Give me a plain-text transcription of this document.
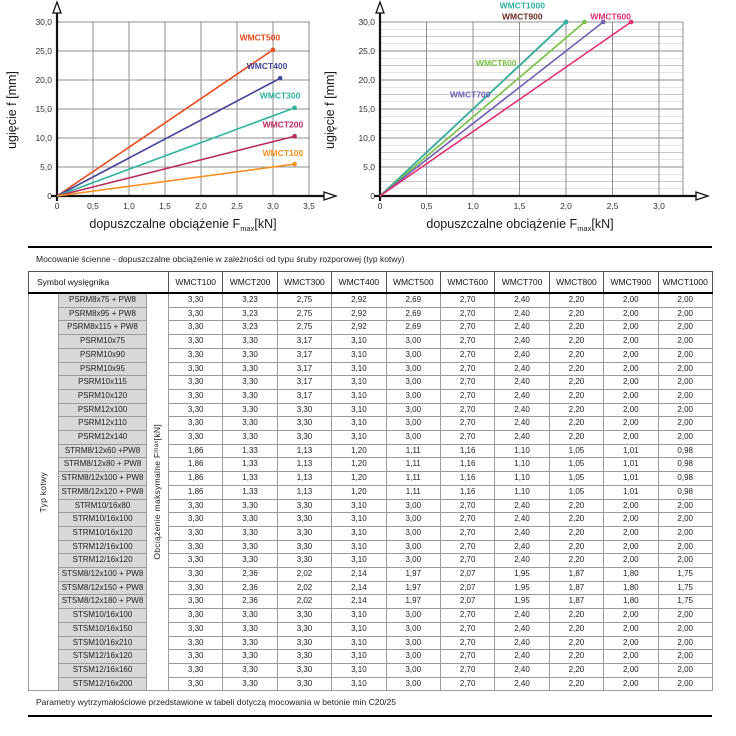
0	0,5	1,0	1,5	2,0	2,5	3,0	3,5
0
5,0
10,0
15,0
20,0
25,0
30,0
ugięcie f [mm]
dopuszczalne obciążenie $F_{max}[kN]$
WMCT500
WMCT400
WMCT300
WMCT200
WMCT100
0	0,5	1,0	1,5	2,0	2,5	3,0
0
5,0
10,0
15,0
20,0
25,0
30,0
ugięcie f [mm]
dopuszczalne obciążenie $F_{max}[kN]$
WMCT900
WMCT1000
WMCT800
WMCT700
WMCT600
Mocowanie ścienne - dopuszczalne obciążenie w zależności od typu śruby rozporowej (typ kotwy)
Symbol wysięgnika			WMCT100	WMCT200	WMCT300	WMCT400	WMCT500	WMCT600	WMCT700	WMCT800	WMCT900	WMCT1000

Typ kotwy	PSRM8x75 + PW8	Obciążenie maksymalne Fmax[kN]	3,30	3,23	2,75	2,92	2,69	2,70	2,40	2,20	2,00	2,00
	PSRM8x95 + PW8		3,30	3,23	2,75	2,92	2,69	2,70	2,40	2,20	2,00	2,00
	PSRM8x115 + PW8		3,30	3,23	2,75	2,92	2,69	2,70	2,40	2,20	2,00	2,00
	PSRM10x75		3,30	3,30	3,17	3,10	3,00	2,70	2,40	2,20	2,00	2,00
	PSRM10x90		3,30	3,30	3,17	3,10	3,00	2,70	2,40	2,20	2,00	2,00
	PSRM10x95		3,30	3,30	3,17	3,10	3,00	2,70	2,40	2,20	2,00	2,00
	PSRM10x115		3,30	3,30	3,17	3,10	3,00	2,70	2,40	2,20	2,00	2,00
	PSRM10x120		3,30	3,30	3,17	3,10	3,00	2,70	2,40	2,20	2,00	2,00
	PSRM12x100		3,30	3,30	3,30	3,10	3,00	2,70	2,40	2,20	2,00	2,00
	PSRM12x110		3,30	3,30	3,30	3,10	3,00	2,70	2,40	2,20	2,00	2,00
	PSRM12x140		3,30	3,30	3,30	3,10	3,00	2,70	2,40	2,20	2,00	2,00
	STRM8/12x60 +PW8		1,86	1,33	1,13	1,20	1,11	1,16	1,10	1,05	1,01	0,98
	STRM8/12x80 + PW8		1,86	1,33	1,13	1,20	1,11	1,16	1,10	1,05	1,01	0,98
	STRM8/12x100 + PW8		1,86	1,33	1,13	1,20	1,11	1,16	1,10	1,05	1,01	0,98
	STRM8/12x120 + PW8		1,86	1,33	1,13	1,20	1,11	1,16	1,10	1,05	1,01	0,98
	STRM10/16x80		3,30	3,30	3,30	3,10	3,00	2,70	2,40	2,20	2,00	2,00
	STRM10/16x100		3,30	3,30	3,30	3,10	3,00	2,70	2,40	2,20	2,00	2,00
	STRM10/16x120		3,30	3,30	3,30	3,10	3,00	2,70	2,40	2,20	2,00	2,00
	STRM12/16x100		3,30	3,30	3,30	3,10	3,00	2,70	2,40	2,20	2,00	2,00
	STRM12/16x120		3,30	3,30	3,30	3,10	3,00	2,70	2,40	2,20	2,00	2,00
	STSM8/12x100 + PW8		3,30	2,36	2,02	2,14	1,97	2,07	1,95	1,87	1,80	1,75
	STSM8/12x150 + PW8		3,30	2,36	2,02	2,14	1,97	2,07	1,95	1,87	1,80	1,75
	STSM8/12x180 + PW8		3,30	2,36	2,02	2,14	1,97	2,07	1,95	1,87	1,80	1,75
	STSM10/16x100		3,30	3,30	3,30	3,10	3,00	2,70	2,40	2,20	2,00	2,00
	STSM10/16x150		3,30	3,30	3,30	3,10	3,00	2,70	2,40	2,20	2,00	2,00
	STSM10/16x210		3,30	3,30	3,30	3,10	3,00	2,70	2,40	2,20	2,00	2,00
	STSM12/16x120		3,30	3,30	3,30	3,10	3,00	2,70	2,40	2,20	2,00	2,00
	STSM12/16x160		3,30	3,30	3,30	3,10	3,00	2,70	2,40	2,20	2,00	2,00
	STSM12/16x200		3,30	3,30	3,30	3,10	3,00	2,70	2,40	2,20	2,00	2,00
Parametry wytrzymałościowe przedstawione w tabeli dotyczą mocowania w betonie min C20/25
